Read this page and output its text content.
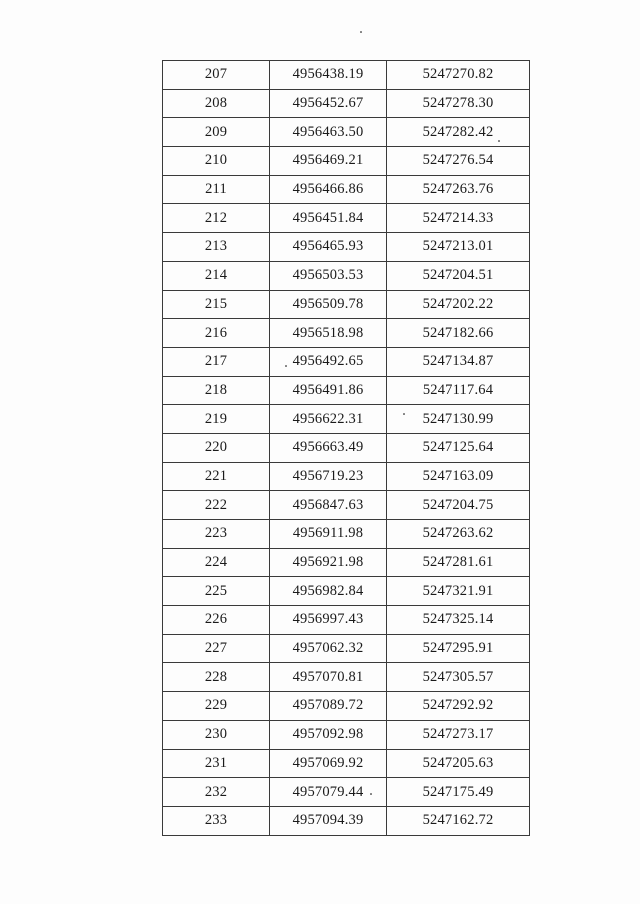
207	4956438.19	5247270.82
208	4956452.67	5247278.30
209	4956463.50	5247282.42
210	4956469.21	5247276.54
211	4956466.86	5247263.76
212	4956451.84	5247214.33
213	4956465.93	5247213.01
214	4956503.53	5247204.51
215	4956509.78	5247202.22
216	4956518.98	5247182.66
217	4956492.65	5247134.87
218	4956491.86	5247117.64
219	4956622.31	5247130.99
220	4956663.49	5247125.64
221	4956719.23	5247163.09
222	4956847.63	5247204.75
223	4956911.98	5247263.62
224	4956921.98	5247281.61
225	4956982.84	5247321.91
226	4956997.43	5247325.14
227	4957062.32	5247295.91
228	4957070.81	5247305.57
229	4957089.72	5247292.92
230	4957092.98	5247273.17
231	4957069.92	5247205.63
232	4957079.44	5247175.49
233	4957094.39	5247162.72
